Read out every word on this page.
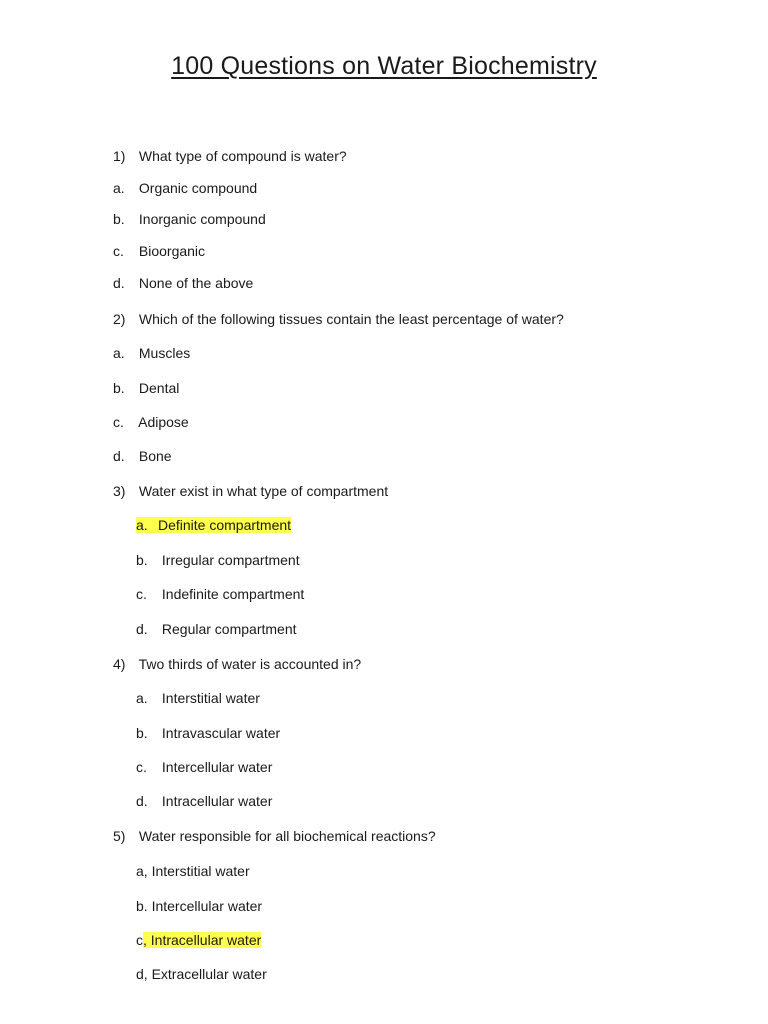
100 Questions on Water Biochemistry
1) What type of compound is water?
a. Organic compound
b. Inorganic compound
c. Bioorganic
d. None of the above
2) Which of the following tissues contain the least percentage of water?
a. Muscles
b. Dental
c. Adipose
d. Bone
3) Water exist in what type of compartment
a. Definite compartment
b. Irregular compartment
c. Indefinite compartment
d. Regular compartment
4) Two thirds of water is accounted in?
a. Interstitial water
b. Intravascular water
c. Intercellular water
d. Intracellular water
5) Water responsible for all biochemical reactions?
a, Interstitial water
b. Intercellular water
c, Intracellular water
d, Extracellular water
